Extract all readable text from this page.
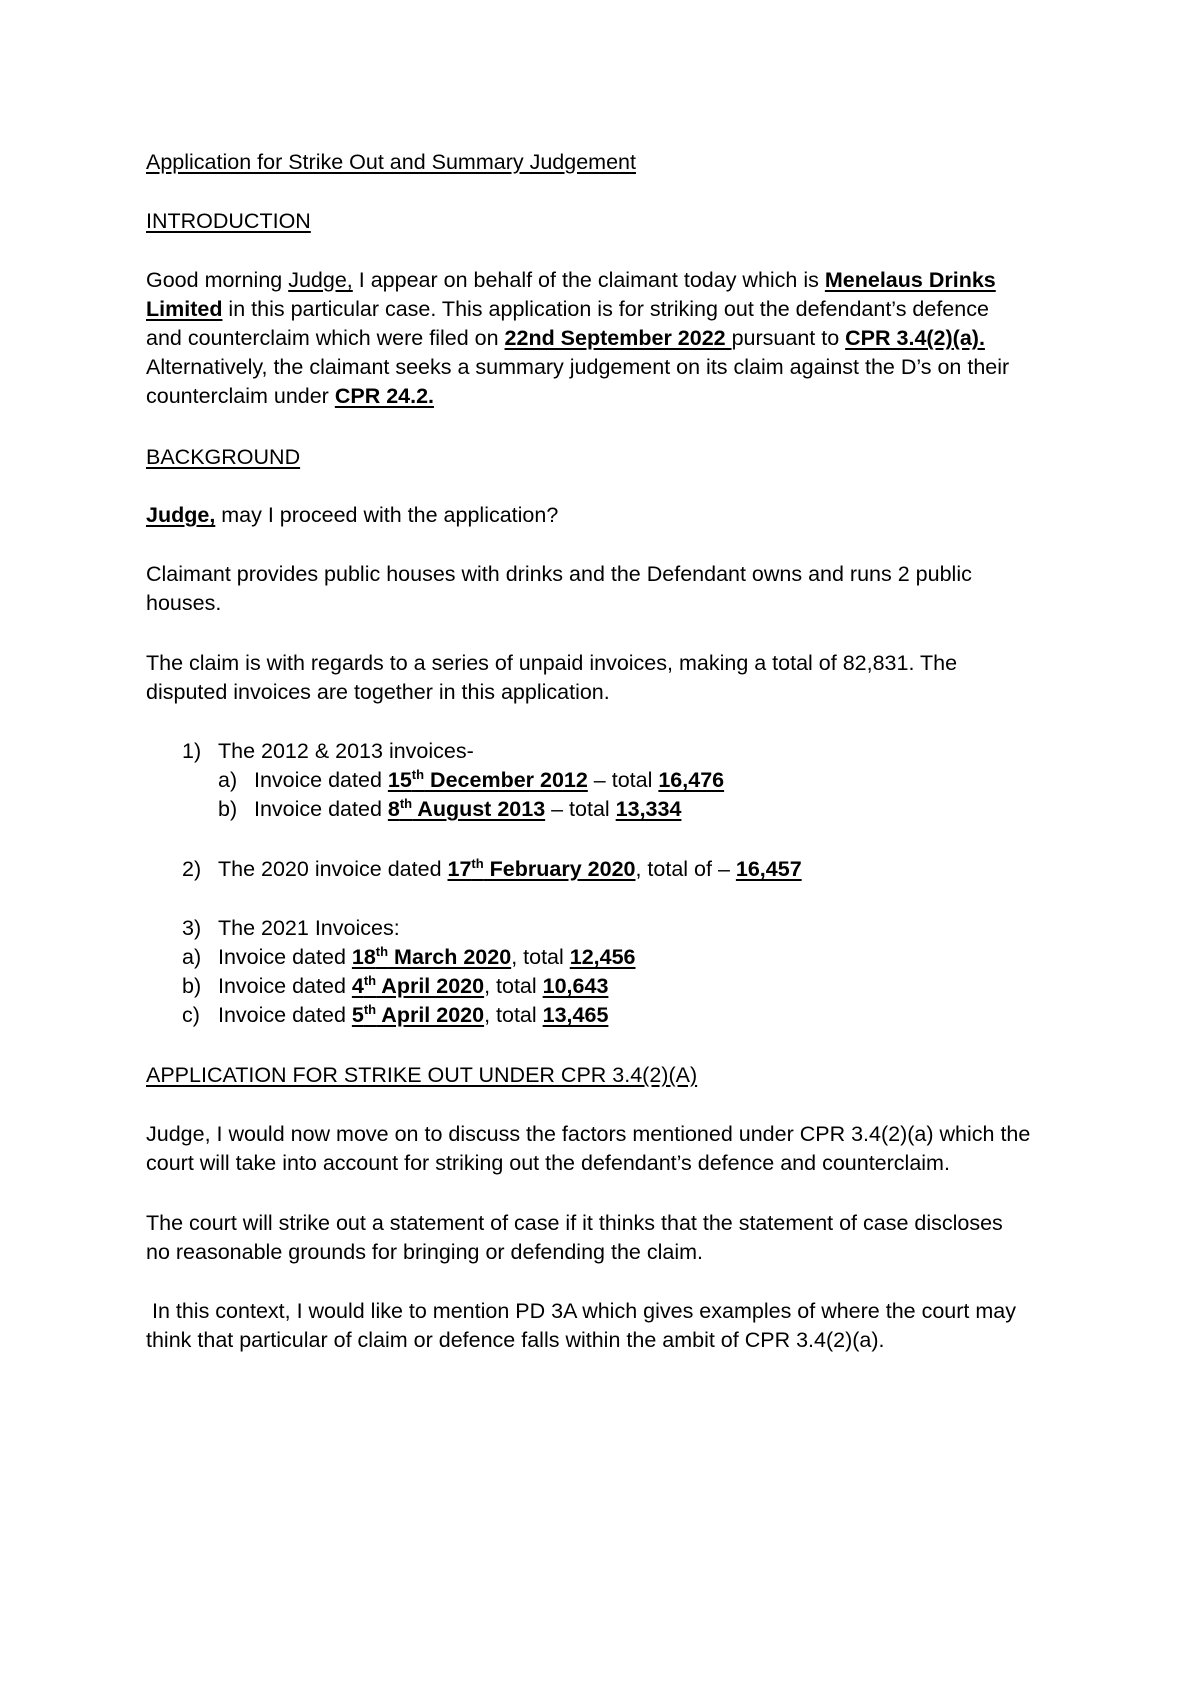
Application for Strike Out and Summary Judgement
INTRODUCTION
Good morning Judge, I appear on behalf of the claimant today which is Menelaus Drinks
Limited in this particular case. This application is for striking out the defendant’s defence
and counterclaim which were filed on 22nd September 2022 pursuant to CPR 3.4(2)(a).
Alternatively, the claimant seeks a summary judgement on its claim against the D’s on their
counterclaim under CPR 24.2.
BACKGROUND
Judge, may I proceed with the application?
Claimant provides public houses with drinks and the Defendant owns and runs 2 public
houses.
The claim is with regards to a series of unpaid invoices, making a total of 82,831. The
disputed invoices are together in this application.
1) The 2012 & 2013 invoices-
a) Invoice dated 15th December 2012 – total 16,476
b) Invoice dated 8th August 2013 – total 13,334
2) The 2020 invoice dated 17th February 2020, total of – 16,457
3) The 2021 Invoices:
a) Invoice dated 18th March 2020, total 12,456
b) Invoice dated 4th April 2020, total 10,643
c) Invoice dated 5th April 2020, total 13,465
APPLICATION FOR STRIKE OUT UNDER CPR 3.4(2)(A)
Judge, I would now move on to discuss the factors mentioned under CPR 3.4(2)(a) which the
court will take into account for striking out the defendant’s defence and counterclaim.
The court will strike out a statement of case if it thinks that the statement of case discloses
no reasonable grounds for bringing or defending the claim.
In this context, I would like to mention PD 3A which gives examples of where the court may
think that particular of claim or defence falls within the ambit of CPR 3.4(2)(a).
